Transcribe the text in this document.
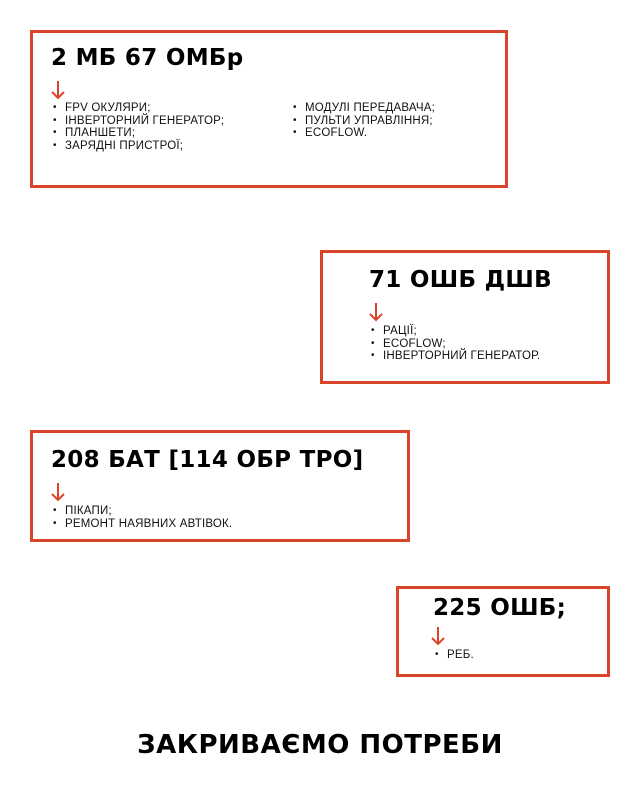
2 МБ 67 ОМБр
• FPV ОКУЛЯРИ;
• ІНВЕРТОРНИЙ ГЕНЕРАТОР;
• ПЛАНШЕТИ;
• ЗАРЯДНІ ПРИСТРОЇ;
• МОДУЛІ ПЕРЕДАВАЧА;
• ПУЛЬТИ УПРАВЛІННЯ;
• ECOFLOW.
71 ОШБ ДШВ
• РАЦІЇ;
• ECOFLOW;
• ІНВЕРТОРНИЙ ГЕНЕРАТОР.
208 БАТ [114 ОБР ТРО]
• ПІКАПИ;
• РЕМОНТ НАЯВНИХ АВТІВОК.
225 ОШБ;
• РЕБ.
ЗАКРИВАЄМО ПОТРЕБИ
